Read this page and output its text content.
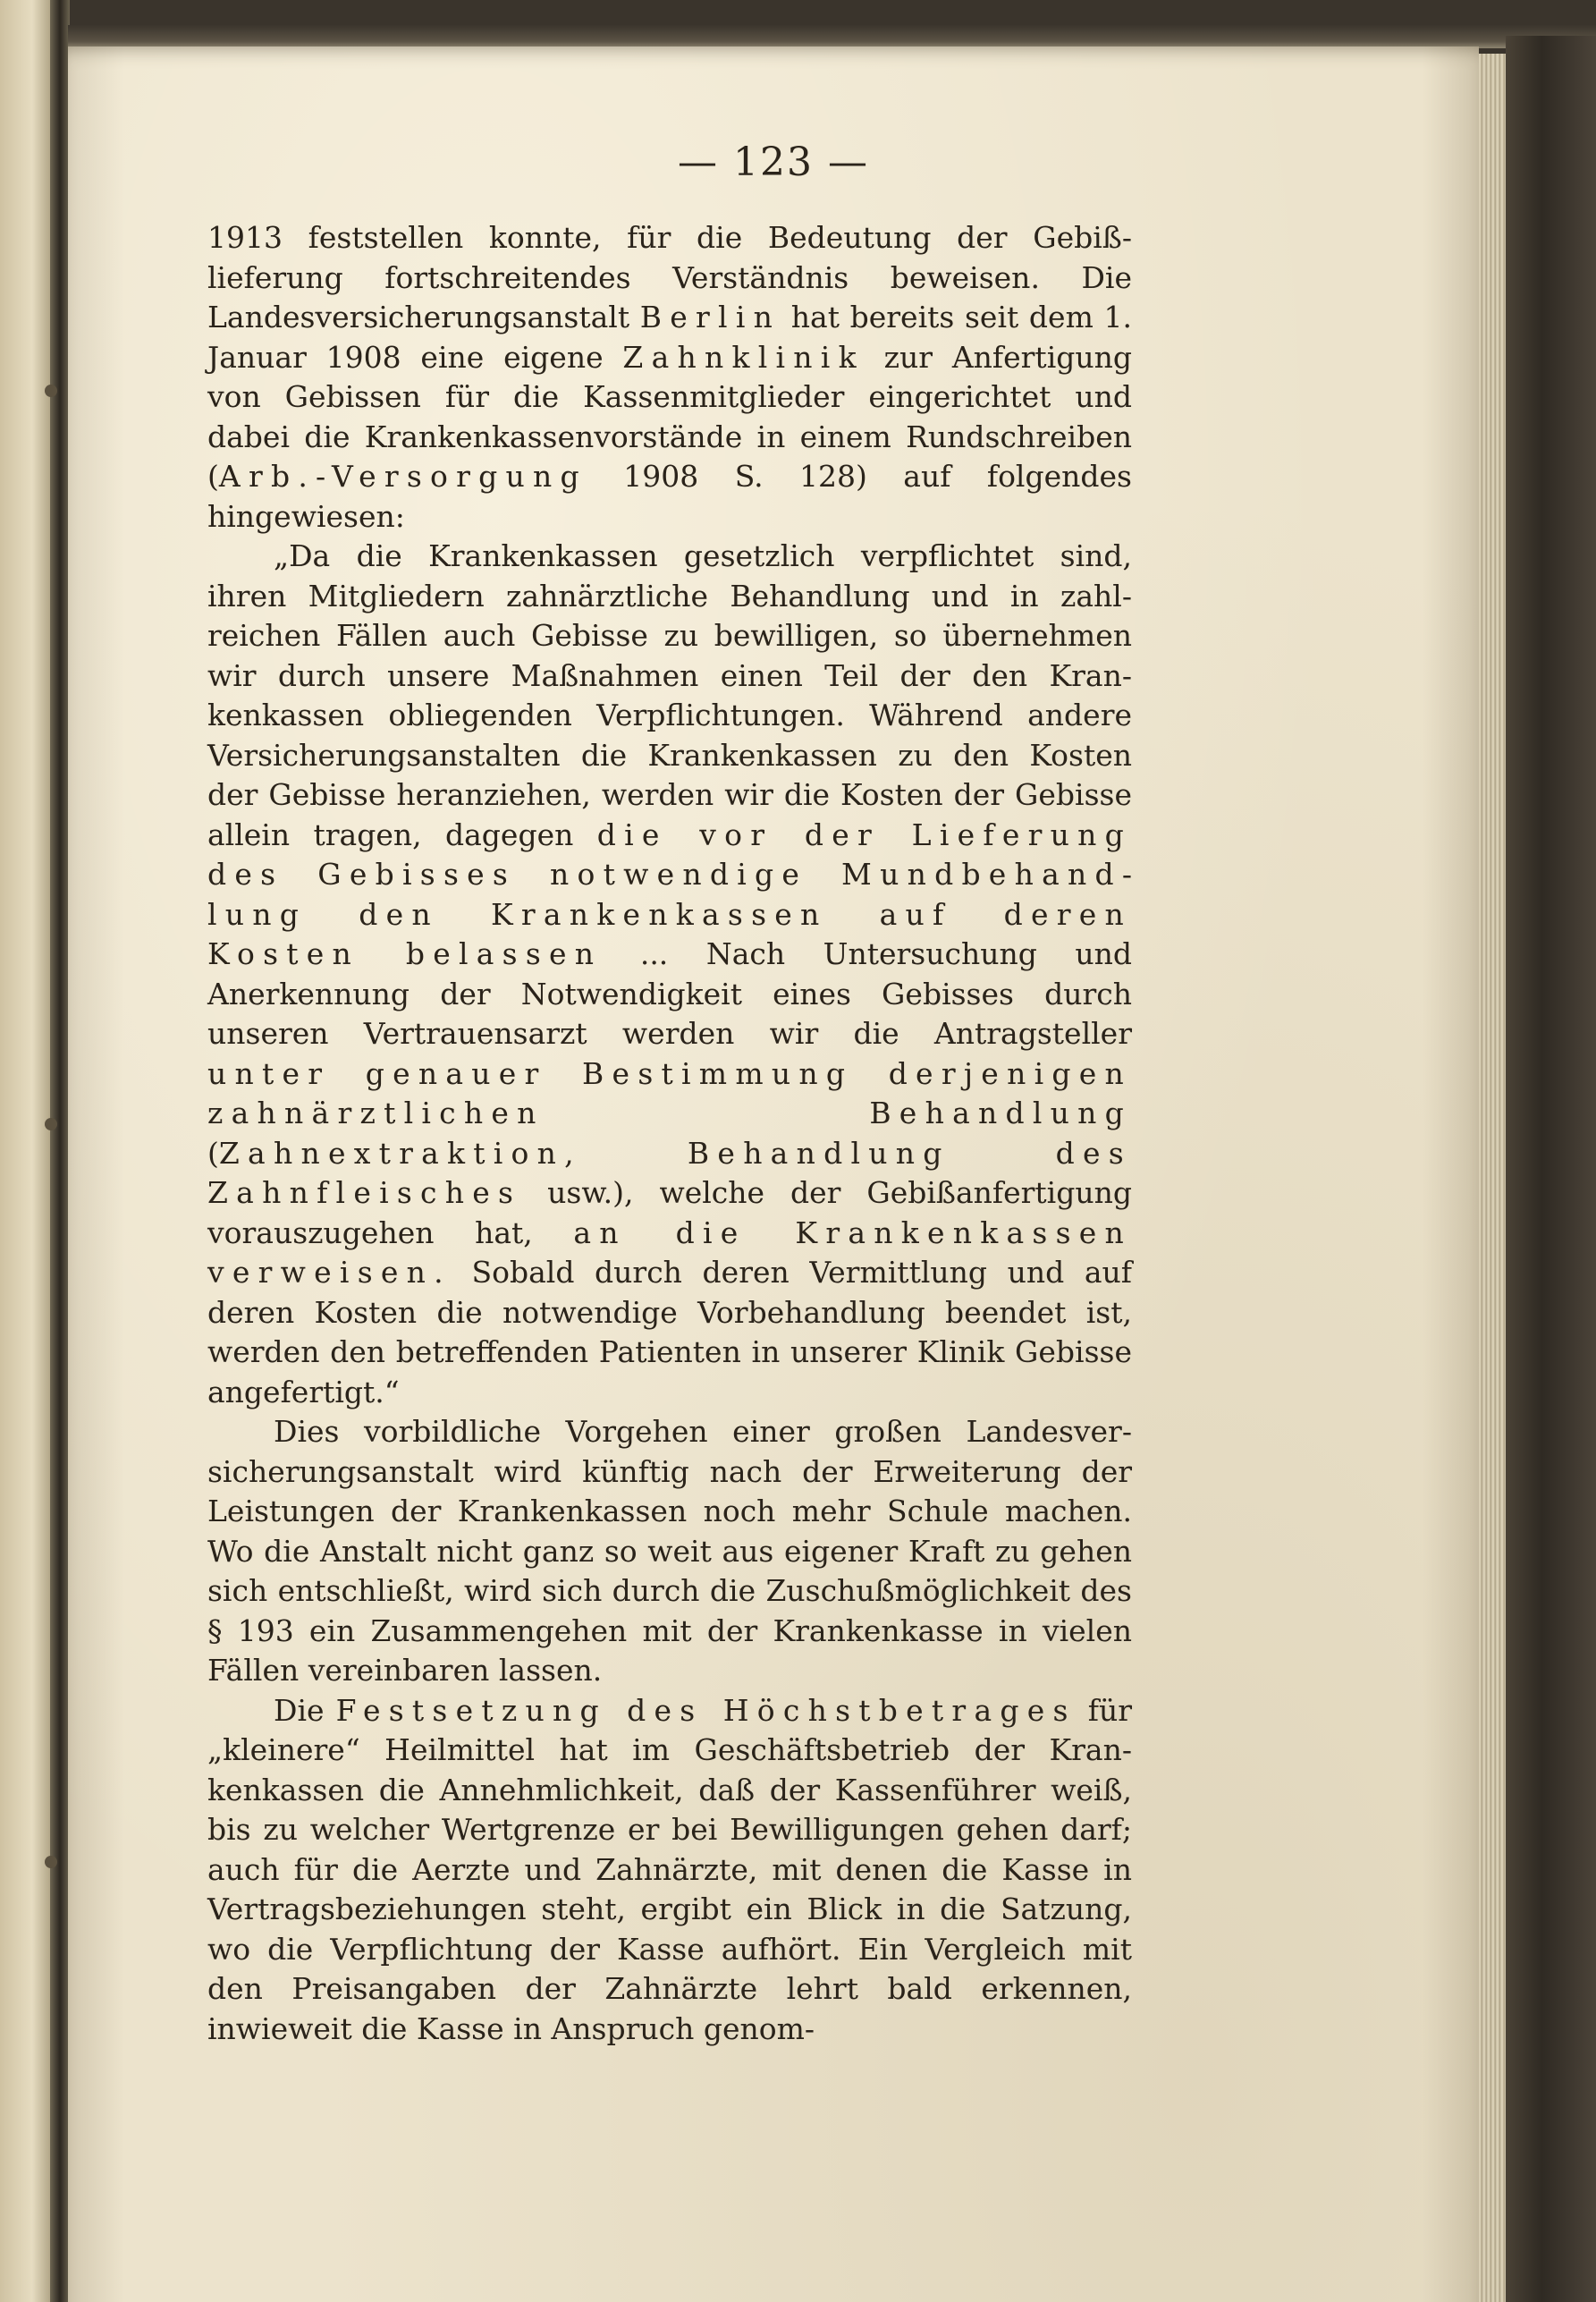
— 123 —

1913 feststellen konnte, für die Bedeutung der Gebißlieferung fortschreitendes Verständnis beweisen. Die Landesversicherungsanstalt Berlin hat bereits seit dem 1. Januar 1908 eine eigene Zahnklinik zur Anfertigung von Gebissen für die Kassenmitglieder eingerichtet und dabei die Krankenkassenvorstände in einem Rundschreiben (Arb.-Versorgung 1908 S. 128) auf folgendes hingewiesen:

„Da die Krankenkassen gesetzlich verpflichtet sind, ihren Mitgliedern zahnärztliche Behandlung und in zahlreichen Fällen auch Gebisse zu bewilligen, so übernehmen wir durch unsere Maßnahmen einen Teil der den Krankenkassen obliegenden Verpflichtungen. Während andere Versicherungsanstalten die Krankenkassen zu den Kosten der Gebisse heranziehen, werden wir die Kosten der Gebisse allein tragen, dagegen die vor der Lieferung des Gebisses notwendige Mundbehandlung den Krankenkassen auf deren Kosten belassen ... Nach Untersuchung und Anerkennung der Notwendigkeit eines Gebisses durch unseren Vertrauensarzt werden wir die Antragsteller unter genauer Bestimmung derjenigen zahnärztlichen Behandlung (Zahnextraktion, Behandlung des Zahnfleisches usw.), welche der Gebißanfertigung vorauszugehen hat, an die Krankenkassen verweisen. Sobald durch deren Vermittlung und auf deren Kosten die notwendige Vorbehandlung beendet ist, werden den betreffenden Patienten in unserer Klinik Gebisse angefertigt.“

Dies vorbildliche Vorgehen einer großen Landesversicherungsanstalt wird künftig nach der Erweiterung der Leistungen der Krankenkassen noch mehr Schule machen. Wo die Anstalt nicht ganz so weit aus eigener Kraft zu gehen sich entschließt, wird sich durch die Zuschußmöglichkeit des § 193 ein Zusammengehen mit der Krankenkasse in vielen Fällen vereinbaren lassen.

Die Festsetzung des Höchstbetrages für „kleinere“ Heilmittel hat im Geschäftsbetrieb der Krankenkassen die Annehmlichkeit, daß der Kassenführer weiß, bis zu welcher Wertgrenze er bei Bewilligungen gehen darf; auch für die Aerzte und Zahnärzte, mit denen die Kasse in Vertragsbeziehungen steht, ergibt ein Blick in die Satzung, wo die Verpflichtung der Kasse aufhört. Ein Vergleich mit den Preisangaben der Zahnärzte lehrt bald erkennen, inwieweit die Kasse in Anspruch genom-
